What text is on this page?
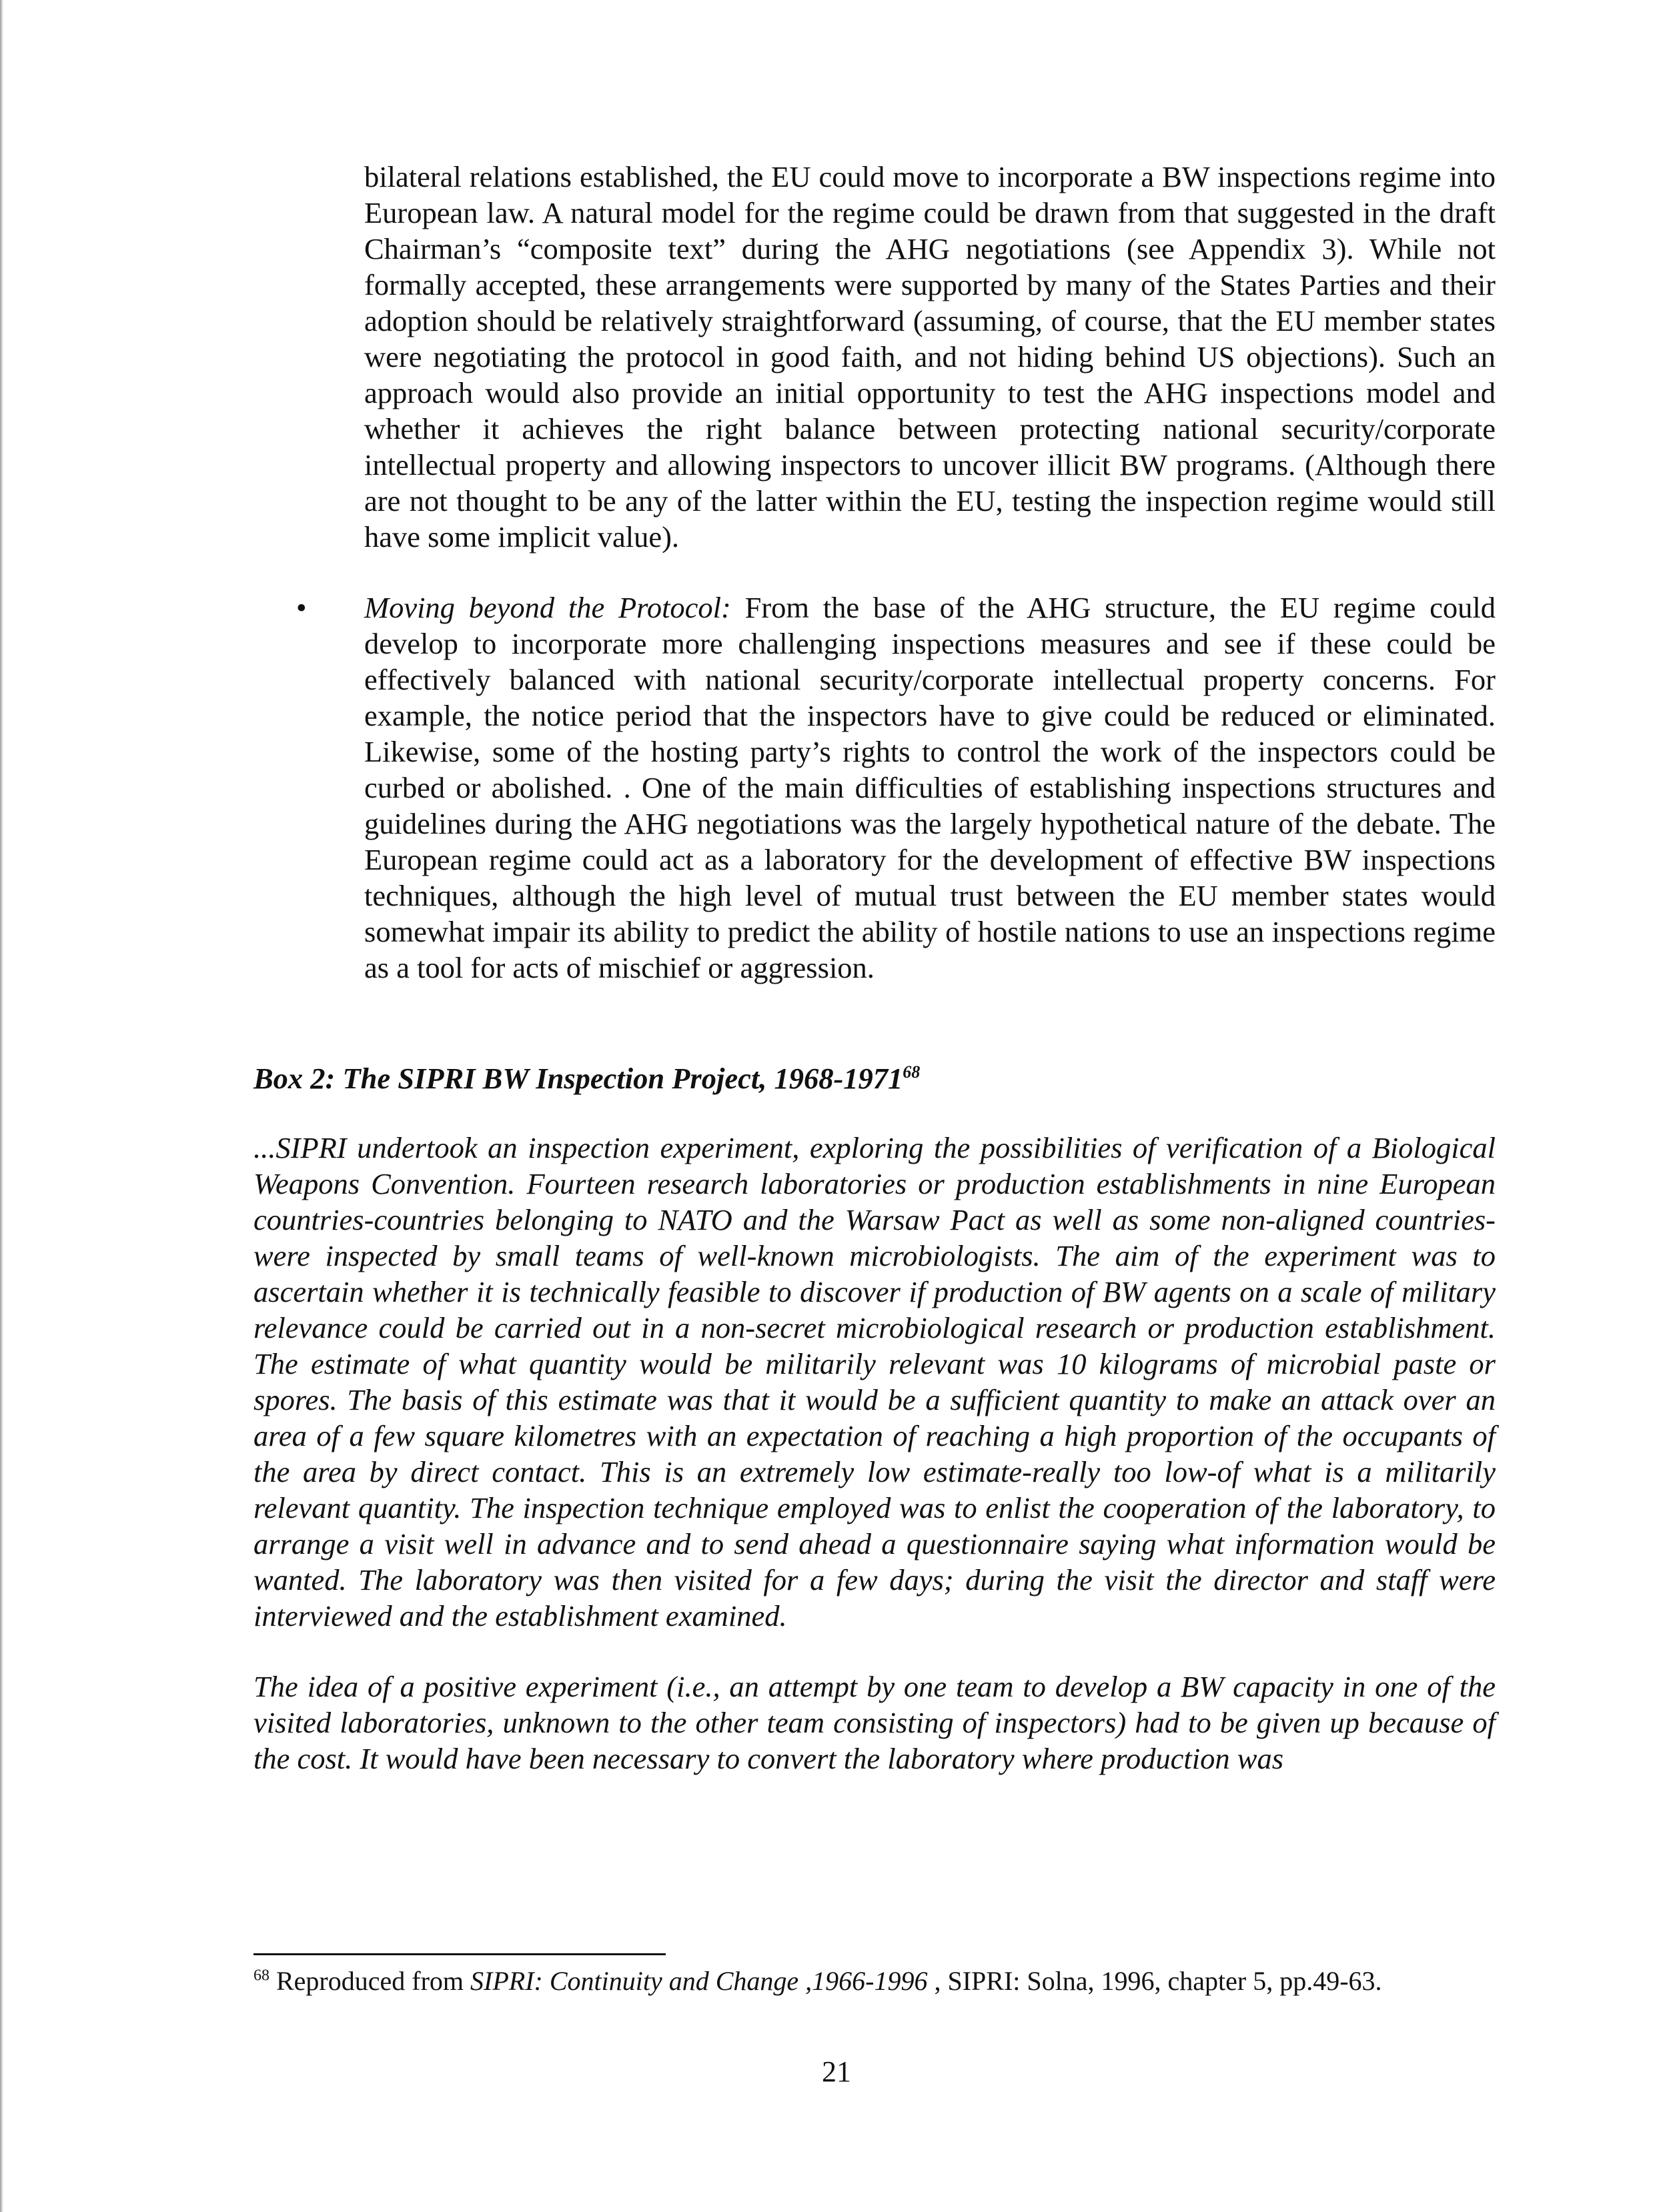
bilateral relations established, the EU could move to incorporate a BW inspections regime into European law. A natural model for the regime could be drawn from that suggested in the draft Chairman’s “composite text” during the AHG negotiations (see Appendix 3). While not formally accepted, these arrangements were supported by many of the States Parties and their adoption should be relatively straightforward (assuming, of course, that the EU member states were negotiating the protocol in good faith, and not hiding behind US objections). Such an approach would also provide an initial opportunity to test the AHG inspections model and whether it achieves the right balance between protecting national security/corporate intellectual property and allowing inspectors to uncover illicit BW programs. (Although there are not thought to be any of the latter within the EU, testing the inspection regime would still have some implicit value).

• Moving beyond the Protocol: From the base of the AHG structure, the EU regime could develop to incorporate more challenging inspections measures and see if these could be effectively balanced with national security/corporate intellectual property concerns. For example, the notice period that the inspectors have to give could be reduced or eliminated. Likewise, some of the hosting party’s rights to control the work of the inspectors could be curbed or abolished. . One of the main difficulties of establishing inspections structures and guidelines during the AHG negotiations was the largely hypothetical nature of the debate. The European regime could act as a laboratory for the development of effective BW inspections techniques, although the high level of mutual trust between the EU member states would somewhat impair its ability to predict the ability of hostile nations to use an inspections regime as a tool for acts of mischief or aggression.

Box 2: The SIPRI BW Inspection Project, 1968-1971$^{68}$

...SIPRI undertook an inspection experiment, exploring the possibilities of verification of a Biological Weapons Convention. Fourteen research laboratories or production establishments in nine European countries-countries belonging to NATO and the Warsaw Pact as well as some non-aligned countries-were inspected by small teams of well-known microbiologists. The aim of the experiment was to ascertain whether it is technically feasible to discover if production of BW agents on a scale of military relevance could be carried out in a non-secret microbiological research or production establishment. The estimate of what quantity would be militarily relevant was 10 kilograms of microbial paste or spores. The basis of this estimate was that it would be a sufficient quantity to make an attack over an area of a few square kilometres with an expectation of reaching a high proportion of the occupants of the area by direct contact. This is an extremely low estimate-really too low-of what is a militarily relevant quantity. The inspection technique employed was to enlist the cooperation of the laboratory, to arrange a visit well in advance and to send ahead a questionnaire saying what information would be wanted. The laboratory was then visited for a few days; during the visit the director and staff were interviewed and the establishment examined.

The idea of a positive experiment (i.e., an attempt by one team to develop a BW capacity in one of the visited laboratories, unknown to the other team consisting of inspectors) had to be given up because of the cost. It would have been necessary to convert the laboratory where production was

$^{68}$ Reproduced from SIPRI: Continuity and Change ,1966-1996 , SIPRI: Solna, 1996, chapter 5, pp.49-63.

21
